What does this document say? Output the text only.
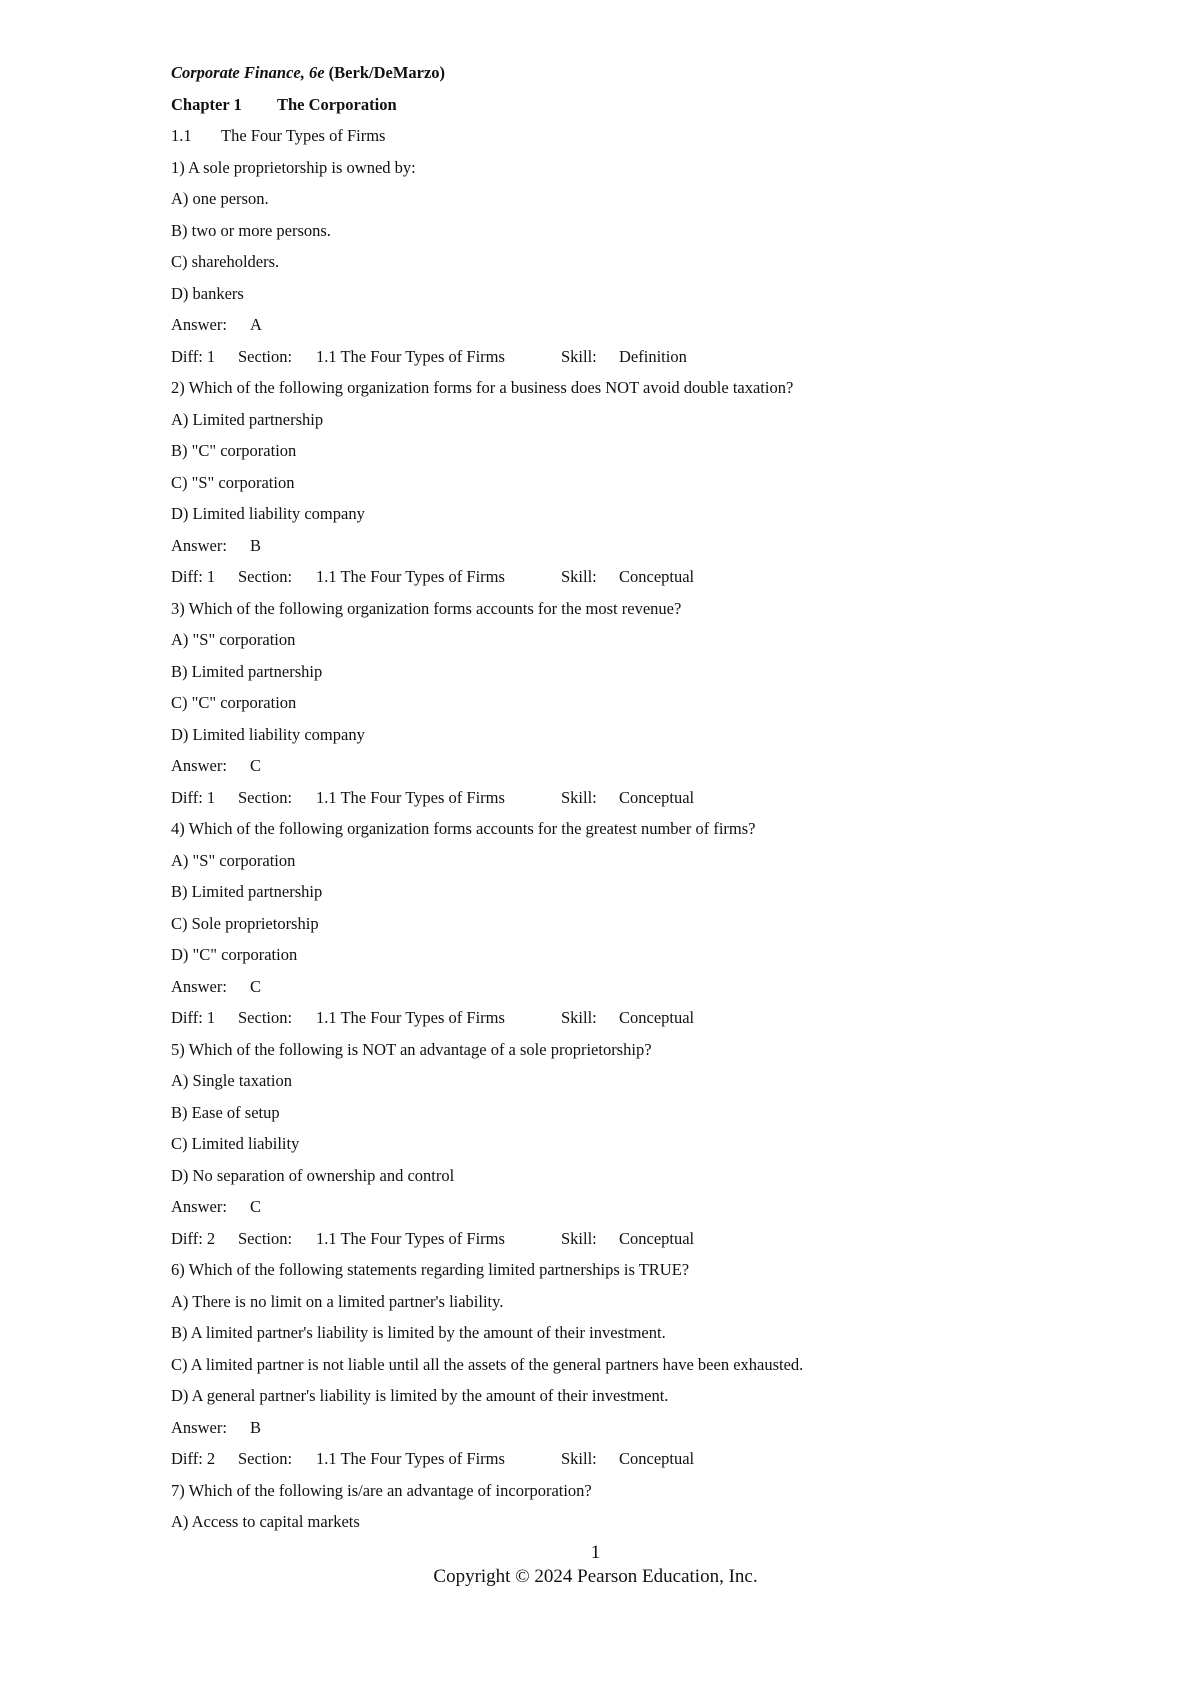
Corporate Finance, 6e (Berk/DeMarzo)
Chapter 1 The Corporation
1.1 The Four Types of Firms
1) A sole proprietorship is owned by:
A) one person.
B) two or more persons.
C) shareholders.
D) bankers
Answer: A
Diff: 1 Section: 1.1 The Four Types of Firms	Skill: Definition
2) Which of the following organization forms for a business does NOT avoid double taxation?
A) Limited partnership
B) "C" corporation
C) "S" corporation
D) Limited liability company
Answer: B
Diff: 1 Section: 1.1 The Four Types of Firms	Skill: Conceptual
3) Which of the following organization forms accounts for the most revenue?
A) "S" corporation
B) Limited partnership
C) "C" corporation
D) Limited liability company
Answer: C
Diff: 1 Section: 1.1 The Four Types of Firms	Skill: Conceptual
4) Which of the following organization forms accounts for the greatest number of firms?
A) "S" corporation
B) Limited partnership
C) Sole proprietorship
D) "C" corporation
Answer: C
Diff: 1 Section: 1.1 The Four Types of Firms	Skill: Conceptual
5) Which of the following is NOT an advantage of a sole proprietorship?
A) Single taxation
B) Ease of setup
C) Limited liability
D) No separation of ownership and control
Answer: C
Diff: 2 Section: 1.1 The Four Types of Firms	Skill: Conceptual
6) Which of the following statements regarding limited partnerships is TRUE?
A) There is no limit on a limited partner's liability.
B) A limited partner's liability is limited by the amount of their investment.
C) A limited partner is not liable until all the assets of the general partners have been exhausted.
D) A general partner's liability is limited by the amount of their investment.
Answer: B
Diff: 2 Section: 1.1 The Four Types of Firms	Skill: Conceptual
7) Which of the following is/are an advantage of incorporation?
A) Access to capital markets
1
Copyright © 2024 Pearson Education, Inc.
